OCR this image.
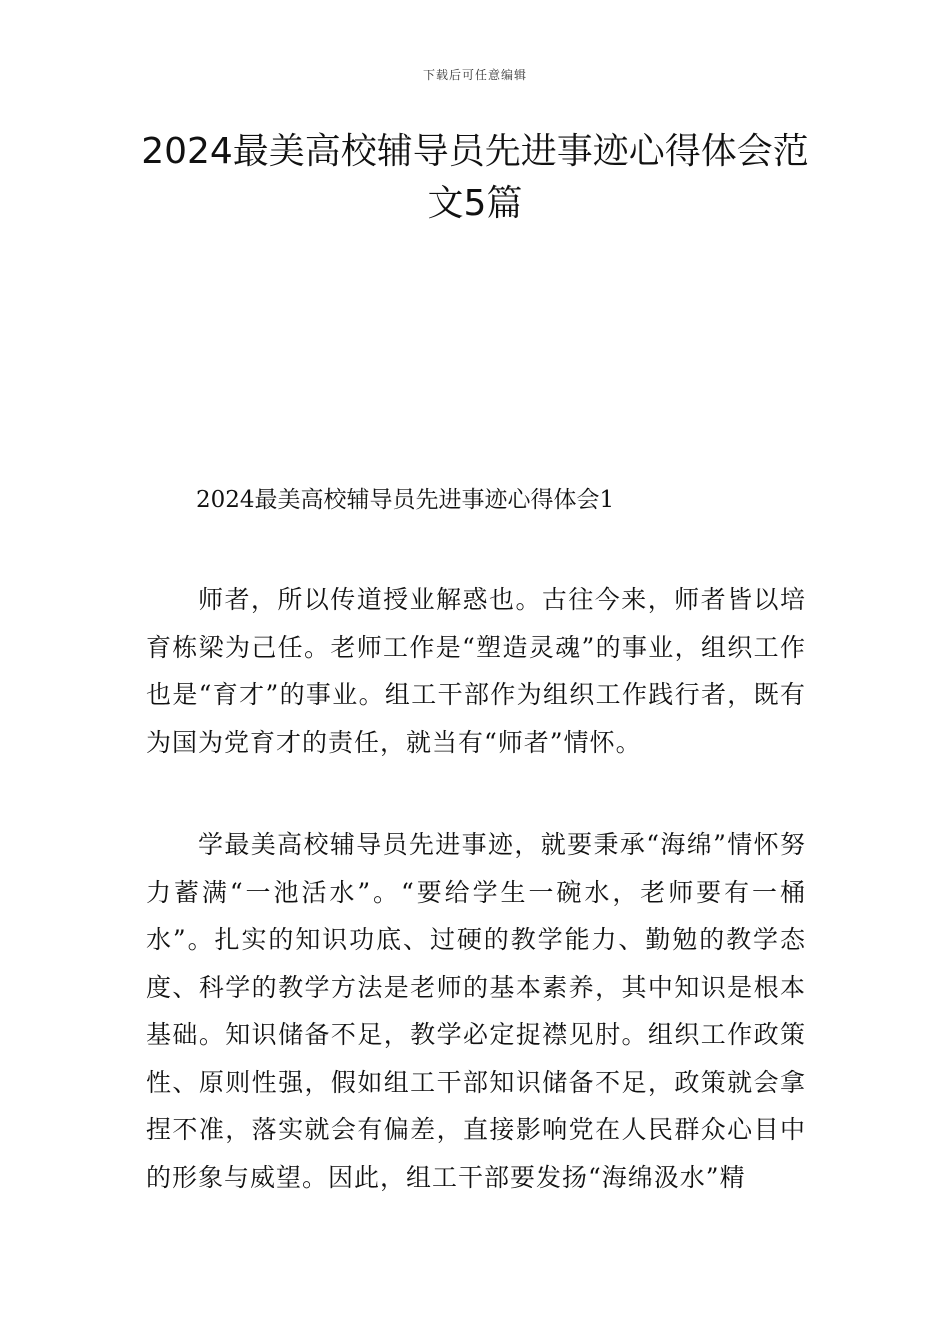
下载后可任意编辑
2024最美高校辅导员先进事迹心得体会范文5篇
2024最美高校辅导员先进事迹心得体会1

师者，所以传道授业解惑也。古往今来，师者皆以培育栋梁为己任。老师工作是“塑造灵魂”的事业，组织工作也是“育才”的事业。组工干部作为组织工作践行者，既有为国为党育才的责任，就当有“师者”情怀。

学最美高校辅导员先进事迹，就要秉承“海绵”情怀努力蓄满“一池活水”。“要给学生一碗水，老师要有一桶水”。扎实的知识功底、过硬的教学能力、勤勉的教学态度、科学的教学方法是老师的基本素养，其中知识是根本基础。知识储备不足，教学必定捉襟见肘。组织工作政策性、原则性强，假如组工干部知识储备不足，政策就会拿捏不准，落实就会有偏差，直接影响党在人民群众心目中的形象与威望。因此，组工干部要发扬“海绵汲水”精
